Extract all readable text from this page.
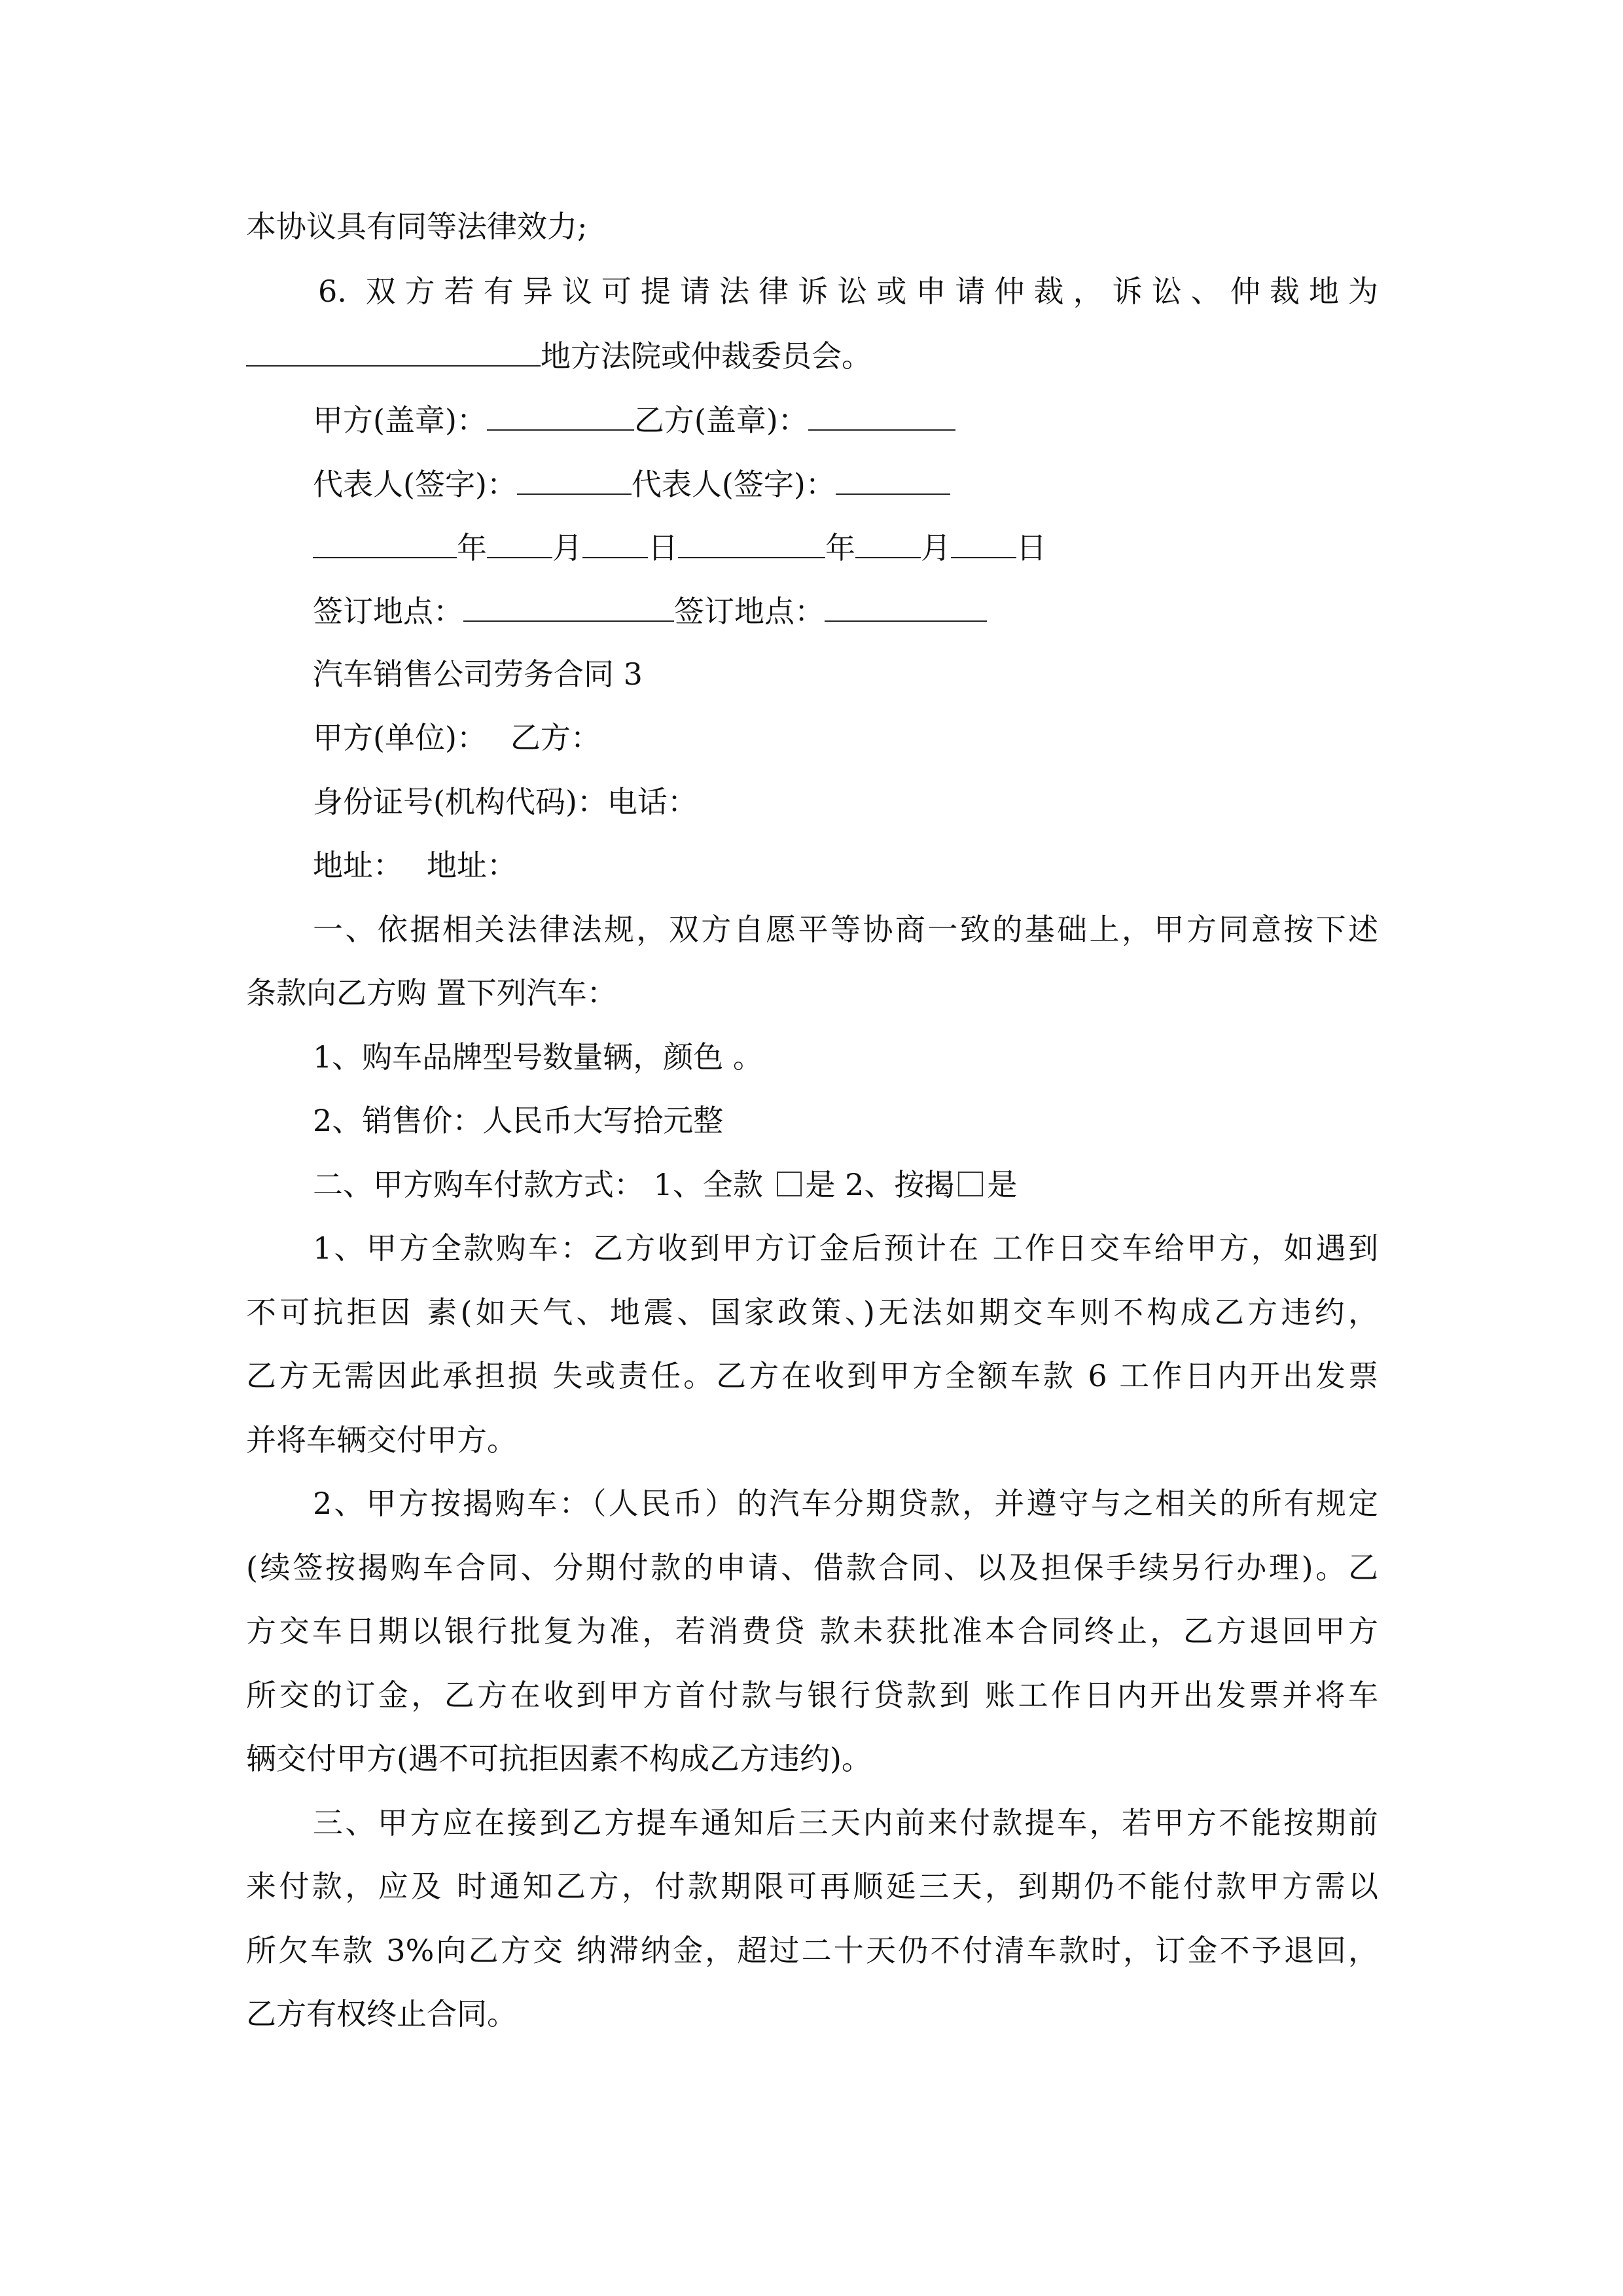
本协议具有同等法律效力;
6. 双方若有异议可提请法律诉讼或申请仲裁，诉讼、仲裁地为
地方法院或仲裁委员会。
甲方(盖章)：	乙方(盖章)：
代表人(签字)：	代表人(签字)：
年 月 日	年 月 日
签订地点：	签订地点：
汽车销售公司劳务合同 3
甲方(单位)： 乙方：
身份证号(机构代码)：电话：
地址： 地址：
一、依据相关法律法规，双方自愿平等协商一致的基础上，甲方同意按下述
条款向乙方购 置下列汽车：
1、购车品牌型号数量辆，颜色 。
2、销售价：人民币大写拾元整
二、甲方购车付款方式： 1、全款 是 2、按揭 是
1、甲方全款购车：乙方收到甲方订金后预计在 工作日交车给甲方，如遇到
不可抗拒因 素(如天气、地震、国家政策、)无法如期交车则不构成乙方违约，
乙方无需因此承担损 失或责任。乙方在收到甲方全额车款 6 工作日内开出发票
并将车辆交付甲方。
2、甲方按揭购车：（人民币）的汽车分期贷款，并遵守与之相关的所有规定
(续签按揭购车合同、分期付款的申请、借款合同、以及担保手续另行办理)。乙
方交车日期以银行批复为准，若消费贷 款未获批准本合同终止，乙方退回甲方
所交的订金，乙方在收到甲方首付款与银行贷款到 账工作日内开出发票并将车
辆交付甲方(遇不可抗拒因素不构成乙方违约)。
三、甲方应在接到乙方提车通知后三天内前来付款提车，若甲方不能按期前
来付款，应及 时通知乙方，付款期限可再顺延三天，到期仍不能付款甲方需以
所欠车款 3%向乙方交 纳滞纳金，超过二十天仍不付清车款时，订金不予退回，
乙方有权终止合同。
